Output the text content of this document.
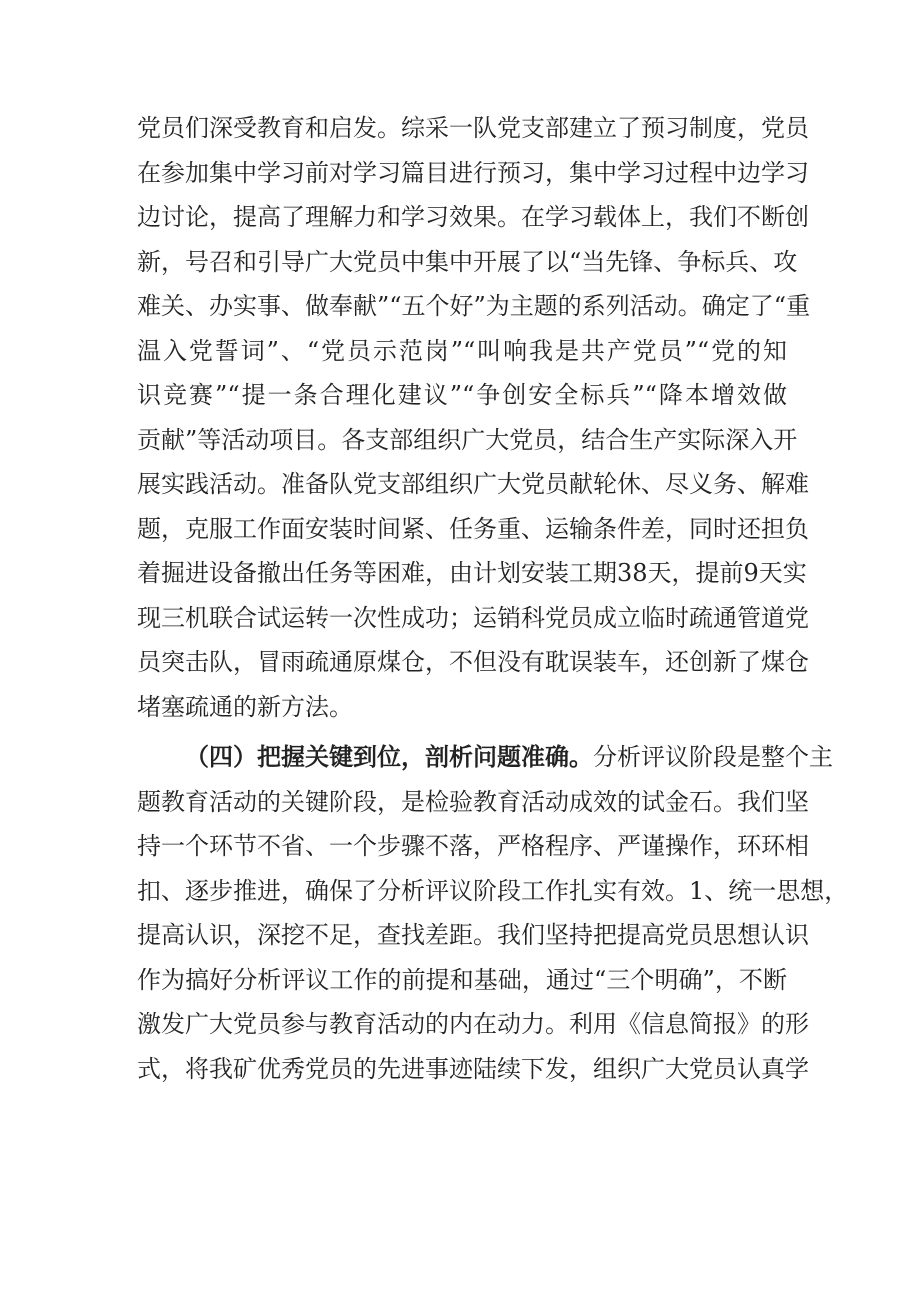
党员们深受教育和启发。综采一队党支部建立了预习制度，党员
在参加集中学习前对学习篇目进行预习，集中学习过程中边学习
边讨论，提高了理解力和学习效果。在学习载体上，我们不断创
新，号召和引导广大党员中集中开展了以“当先锋、争标兵、攻
难关、办实事、做奉献”“五个好”为主题的系列活动。确定了“重
温入党誓词”、“党员示范岗”“叫响我是共产党员”“党的知
识竞赛”“提一条合理化建议”“争创安全标兵”“降本增效做
贡献”等活动项目。各支部组织广大党员，结合生产实际深入开
展实践活动。准备队党支部组织广大党员献轮休、尽义务、解难
题，克服工作面安装时间紧、任务重、运输条件差，同时还担负
着掘进设备撤出任务等困难，由计划安装工期38天，提前9天实
现三机联合试运转一次性成功；运销科党员成立临时疏通管道党
员突击队，冒雨疏通原煤仓，不但没有耽误装车，还创新了煤仓
堵塞疏通的新方法。
（四）把握关键到位，剖析问题准确。分析评议阶段是整个主
题教育活动的关键阶段，是检验教育活动成效的试金石。我们坚
持一个环节不省、一个步骤不落，严格程序、严谨操作，环环相
扣、逐步推进，确保了分析评议阶段工作扎实有效。1、统一思想，
提高认识，深挖不足，查找差距。我们坚持把提高党员思想认识
作为搞好分析评议工作的前提和基础，通过“三个明确”，不断
激发广大党员参与教育活动的内在动力。利用《信息简报》的形
式，将我矿优秀党员的先进事迹陆续下发，组织广大党员认真学
